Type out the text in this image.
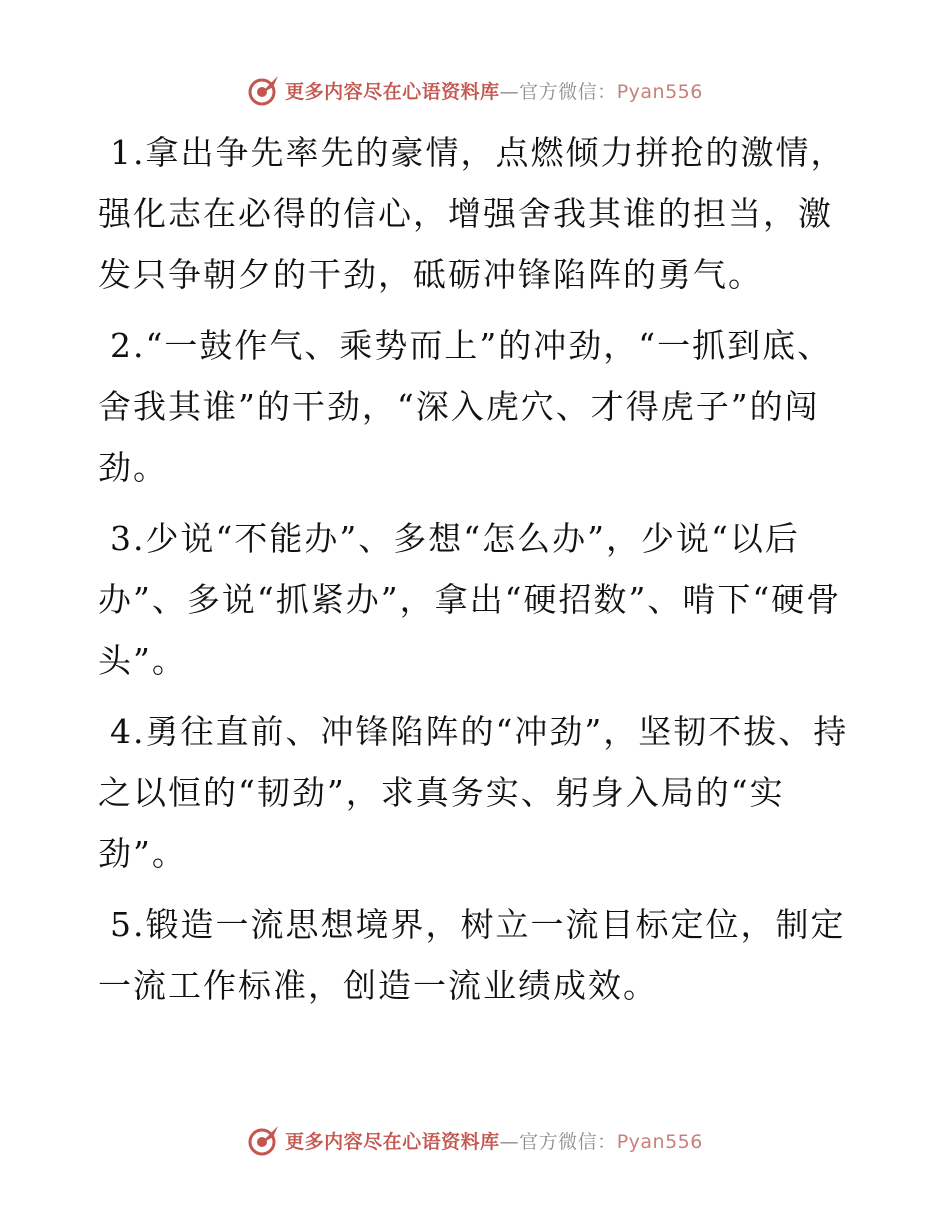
更多内容尽在心语资料库—官方微信：Pyan556

1.拿出争先率先的豪情，点燃倾力拼抢的激情，强化志在必得的信心，增强舍我其谁的担当，激发只争朝夕的干劲，砥砺冲锋陷阵的勇气。

2.“一鼓作气、乘势而上”的冲劲，“一抓到底、舍我其谁”的干劲，“深入虎穴、才得虎子”的闯劲。

3.少说“不能办”、多想“怎么办”，少说“以后办”、多说“抓紧办”，拿出“硬招数”、啃下“硬骨头”。

4.勇往直前、冲锋陷阵的“冲劲”，坚韧不拔、持之以恒的“韧劲”，求真务实、躬身入局的“实劲”。

5.锻造一流思想境界，树立一流目标定位，制定一流工作标准，创造一流业绩成效。

更多内容尽在心语资料库—官方微信：Pyan556
